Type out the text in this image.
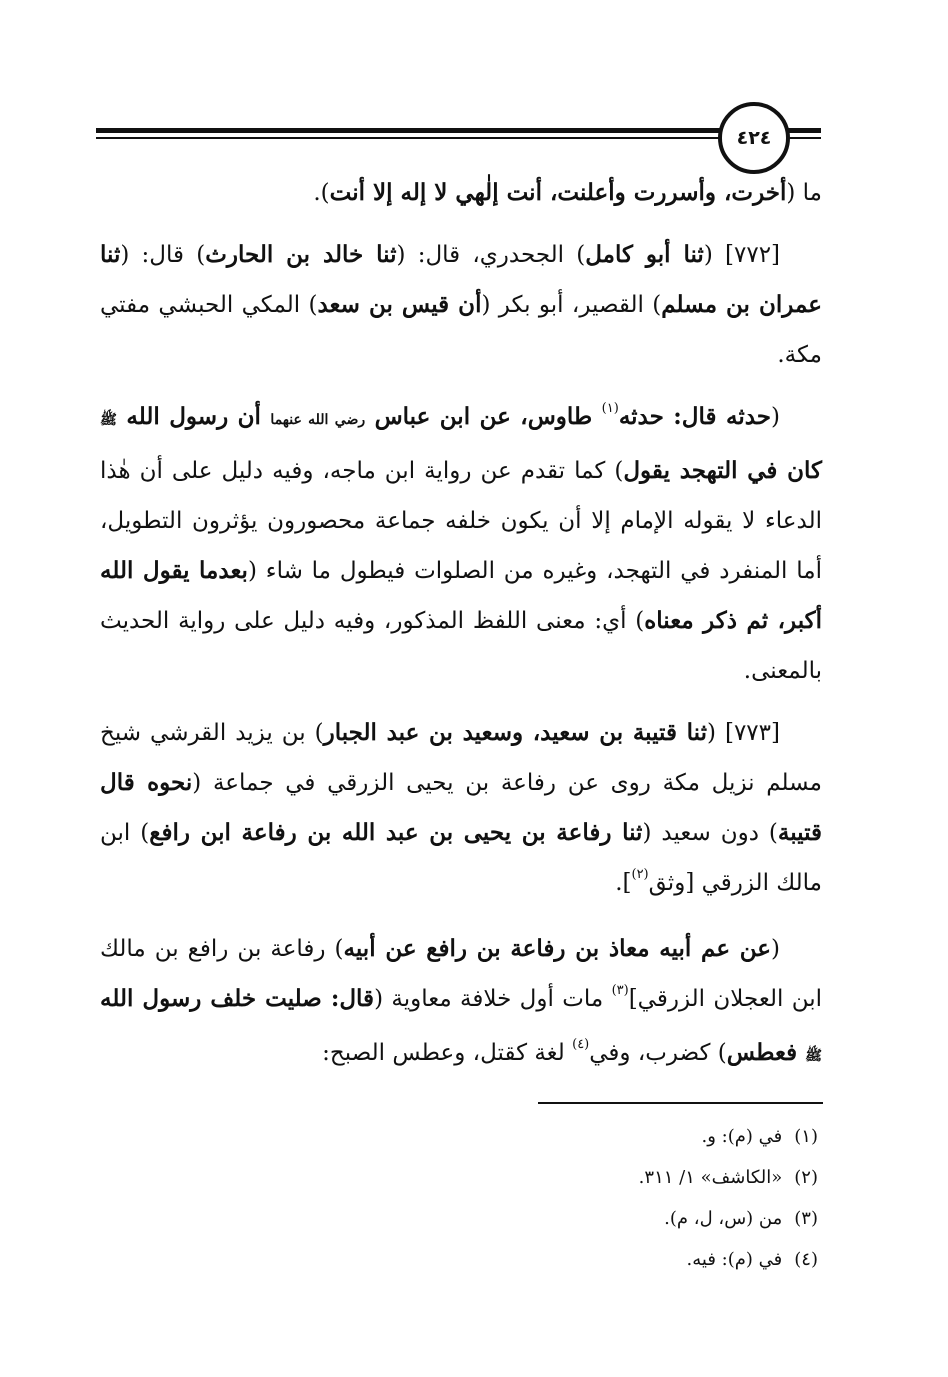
٤٢٤

ما (أخرت، وأسررت وأعلنت، أنت إلٰهي لا إله إلا أنت).

[٧٧٢] (ثنا أبو كامل) الجحدري، قال: (ثنا خالد بن الحارث) قال: (ثنا عمران بن مسلم) القصير، أبو بكر (أن قيس بن سعد) المكي الحبشي مفتي مكة.

(حدثه قال: حدثه$^{(١)}$ طاوس، عن ابن عباس رضي الله عنهما أن رسول الله ﷺ كان في التهجد يقول) كما تقدم عن رواية ابن ماجه، وفيه دليل على أن هٰذا الدعاء لا يقوله الإمام إلا أن يكون خلفه جماعة محصورون يؤثرون التطويل، أما المنفرد في التهجد، وغيره من الصلوات فيطول ما شاء (بعدما يقول الله أكبر، ثم ذكر معناه) أي: معنى اللفظ المذكور، وفيه دليل على رواية الحديث بالمعنى.

[٧٧٣] (ثنا قتيبة بن سعيد، وسعيد بن عبد الجبار) بن يزيد القرشي شيخ مسلم نزيل مكة روى عن رفاعة بن يحيى الزرقي في جماعة (نحوه قال قتيبة) دون سعيد (ثنا رفاعة بن يحيى بن عبد الله بن رفاعة ابن رافع) ابن مالك الزرقي [وثق$^{(٢)}$].

(عن عم أبيه معاذ بن رفاعة بن رافع عن أبيه) رفاعة بن رافع بن مالك ابن العجلان الزرقي]$^{(٣)}$ مات أول خلافة معاوية (قال: صليت خلف رسول الله ﷺ فعطس) كضرب، وفي$^{(٤)}$ لغة كقتل، وعطس الصبح:

(١)في (م): و.
(٢)«الكاشف» ١/ ٣١١.
(٣)من (س، ل، م).
(٤)في (م): فيه.
